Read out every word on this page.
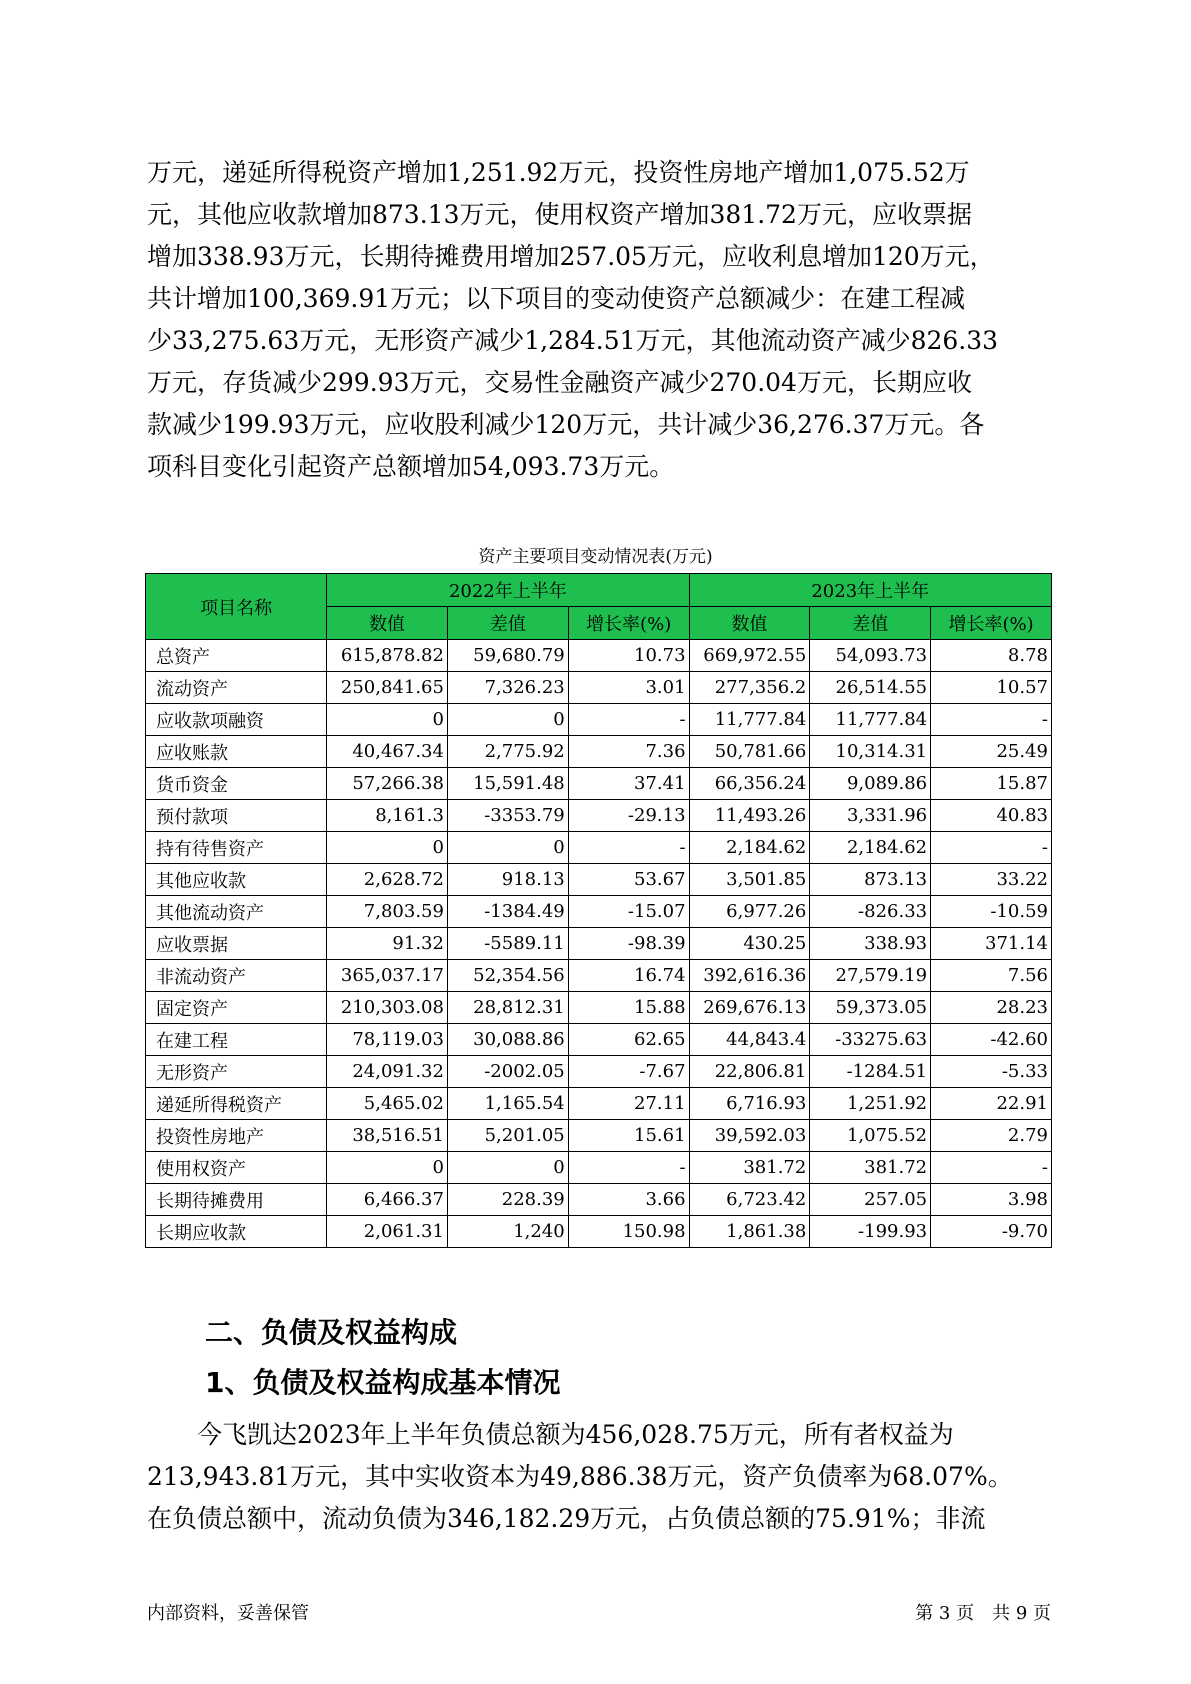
万元，递延所得税资产增加1,251.92万元，投资性房地产增加1,075.52万
元，其他应收款增加873.13万元，使用权资产增加381.72万元，应收票据
增加338.93万元，长期待摊费用增加257.05万元，应收利息增加120万元，
共计增加100,369.91万元；以下项目的变动使资产总额减少：在建工程减
少33,275.63万元，无形资产减少1,284.51万元，其他流动资产减少826.33
万元，存货减少299.93万元，交易性金融资产减少270.04万元，长期应收
款减少199.93万元，应收股利减少120万元，共计减少36,276.37万元。各
项科目变化引起资产总额增加54,093.73万元。
资产主要项目变动情况表(万元)
项目名称	2022年上半年			2023年上半年		
	数值	差值	增长率(%)	数值	差值	增长率(%)
总资产	615,878.82	59,680.79	10.73	669,972.55	54,093.73	8.78
流动资产	250,841.65	7,326.23	3.01	277,356.2	26,514.55	10.57
应收款项融资	0	0	-	11,777.84	11,777.84	-
应收账款	40,467.34	2,775.92	7.36	50,781.66	10,314.31	25.49
货币资金	57,266.38	15,591.48	37.41	66,356.24	9,089.86	15.87
预付款项	8,161.3	-3353.79	-29.13	11,493.26	3,331.96	40.83
持有待售资产	0	0	-	2,184.62	2,184.62	-
其他应收款	2,628.72	918.13	53.67	3,501.85	873.13	33.22
其他流动资产	7,803.59	-1384.49	-15.07	6,977.26	-826.33	-10.59
应收票据	91.32	-5589.11	-98.39	430.25	338.93	371.14
非流动资产	365,037.17	52,354.56	16.74	392,616.36	27,579.19	7.56
固定资产	210,303.08	28,812.31	15.88	269,676.13	59,373.05	28.23
在建工程	78,119.03	30,088.86	62.65	44,843.4	-33275.63	-42.60
无形资产	24,091.32	-2002.05	-7.67	22,806.81	-1284.51	-5.33
递延所得税资产	5,465.02	1,165.54	27.11	6,716.93	1,251.92	22.91
投资性房地产	38,516.51	5,201.05	15.61	39,592.03	1,075.52	2.79
使用权资产	0	0	-	381.72	381.72	-
长期待摊费用	6,466.37	228.39	3.66	6,723.42	257.05	3.98
长期应收款	2,061.31	1,240	150.98	1,861.38	-199.93	-9.70
二、负债及权益构成
1、负债及权益构成基本情况
　　今飞凯达2023年上半年负债总额为456,028.75万元，所有者权益为
213,943.81万元，其中实收资本为49,886.38万元，资产负债率为68.07%。
在负债总额中，流动负债为346,182.29万元，占负债总额的75.91%；非流
内部资料，妥善保管	第 3 页　共 9 页
